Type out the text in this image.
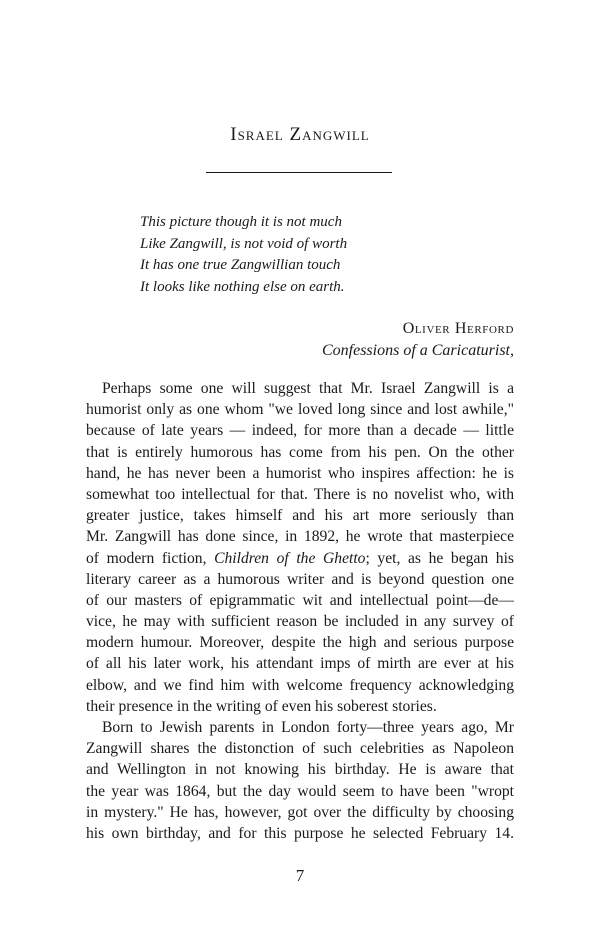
Israel Zangwill
This picture though it is not much
Like Zangwill, is not void of worth
It has one true Zangwillian touch
It looks like nothing else on earth.
Oliver Herford
Confessions of a Caricaturist,
Perhaps some one will suggest that Mr. Israel Zangwill is a
humorist only as one whom "we loved long since and lost awhile,"
because of late years — indeed, for more than a decade — little
that is entirely humorous has come from his pen. On the other
hand, he has never been a humorist who inspires affection: he is
somewhat too intellectual for that. There is no novelist who, with
greater justice, takes himself and his art more seriously than
Mr. Zangwill has done since, in 1892, he wrote that masterpiece
of modern fiction, Children of the Ghetto; yet, as he began his
literary career as a humorous writer and is beyond question one
of our masters of epigrammatic wit and intellectual point—de—
vice, he may with sufficient reason be included in any survey of
modern humour. Moreover, despite the high and serious purpose
of all his later work, his attendant imps of mirth are ever at his
elbow, and we find him with welcome frequency acknowledging
their presence in the writing of even his soberest stories.
Born to Jewish parents in London forty—three years ago, Mr
Zangwill shares the distonction of such celebrities as Napoleon
and Wellington in not knowing his birthday. He is aware that
the year was 1864, but the day would seem to have been "wropt
in mystery." He has, however, got over the difficulty by choosing
his own birthday, and for this purpose he selected February 14.
7
